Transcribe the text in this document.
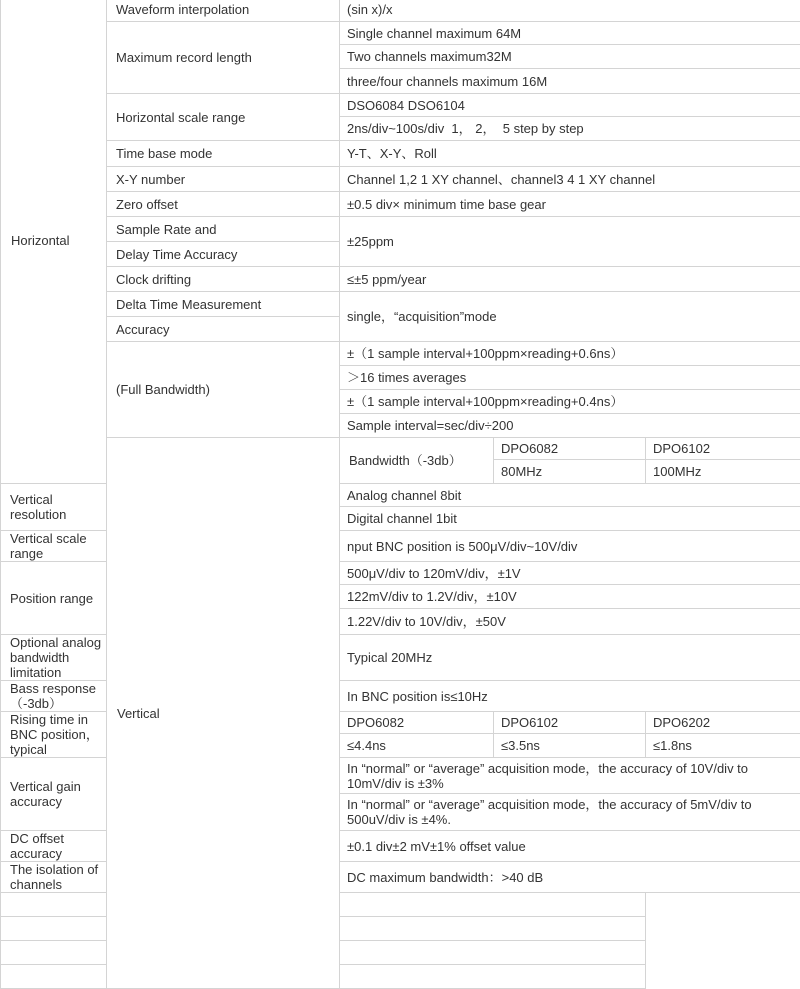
Horizontal	Waveform interpolation	(sin x)/x			
	Maximum record length	Single channel maximum 64M			
		Two channels maximum32M			
		three/four channels maximum 16M			
	Horizontal scale range	DSO6084 DSO6104			
		2ns/div~100s/div  1， 2，  5 step by step			
	Time base mode	Y-T、X-Y、Roll			
	X-Y number	Channel 1,2 1 XY channel、channel3 4 1 XY channel			
	Zero offset	±0.5 div× minimum time base gear			
	Sample Rate and	±25ppm			
	Delay Time Accuracy				
	Clock drifting	≤±5 ppm/year			
	Delta Time Measurement	single，“acquisition”mode			
	Accuracy				
	(Full Bandwidth)	±（1 sample interval+100ppm×reading+0.6ns）			
		＞16 times averages			
		±（1 sample interval+100ppm×reading+0.4ns）			
		Sample interval=sec/div÷200			
	Vertical	Bandwidth（-3db）	DPO6082	DPO6102	
			80MHz	100MHz	
Vertical resolution		Analog channel 8bit			
		Digital channel 1bit			
Vertical scale range		nput BNC position is 500μV/div~10V/div			
Position range		500μV/div to 120mV/div，±1V			
		122mV/div to 1.2V/div，±10V			
		1.22V/div to 10V/div，±50V			
Optional analog bandwidth limitation		Typical 20MHz			
Bass response（-3db）		In BNC position is≤10Hz			
Rising time in BNC position，typical		DPO6082	DPO6102	DPO6202	
		≤4.4ns	≤3.5ns	≤1.8ns	
Vertical gain accuracy		In “normal” or “average” acquisition mode，the accuracy of 10V/div to 10mV/div is ±3%			
		In “normal” or “average” acquisition mode，the accuracy of 5mV/div to 500uV/div is ±4%.			
DC offset accuracy		±0.1 div±2 mV±1% offset value			
The isolation of channels		DC maximum bandwidth：>40 dB			
